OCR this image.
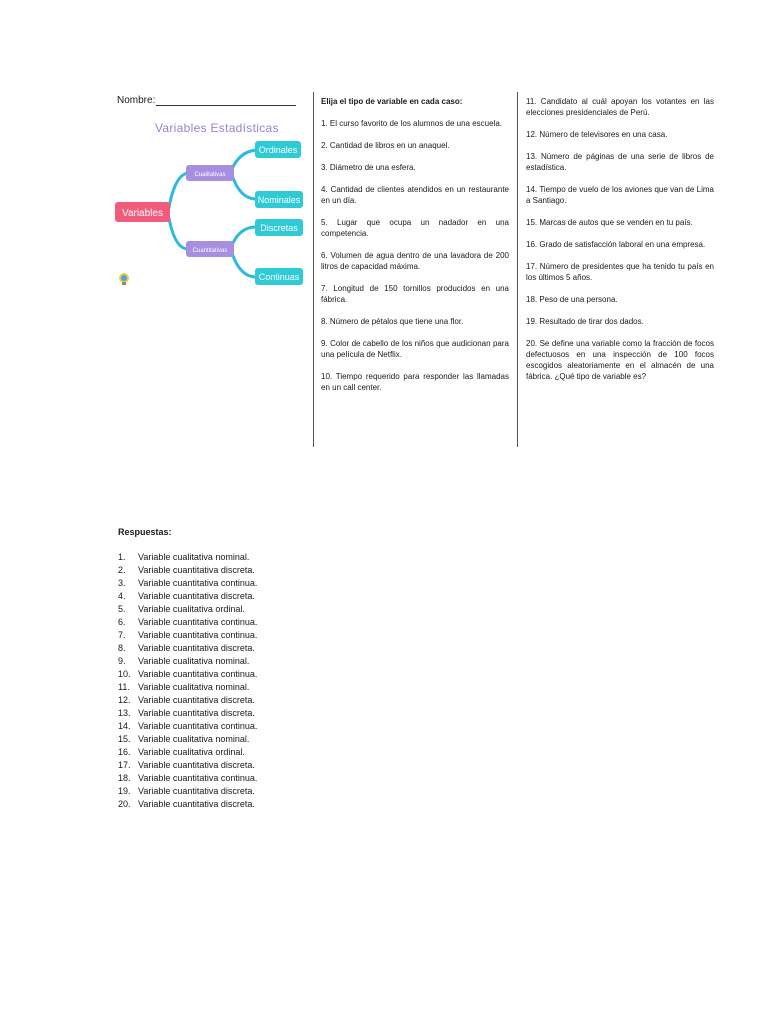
Nombre:
Variables Estadísticas
Variables
Cualitativas
Cuantitativas
Ordinales
Nominales
Discretas
Continuas
Elija el tipo de variable en cada caso:

1. El curso favorito de los alumnos de una escuela.

2. Cantidad de libros en un anaquel.

3. Diámetro de una esfera.

4. Cantidad de clientes atendidos en un restaurante en un día.

5. Lugar que ocupa un nadador en una competencia.

6. Volumen de agua dentro de una lavadora de 200 litros de capacidad máxima.

7. Longitud de 150 tornillos producidos en una fábrica.

8. Número de pétalos que tiene una flor.

9. Color de cabello de los niños que audicionan para una película de Netflix.

10. Tiempo requerido para responder las llamadas en un call center.

11. Candidato al cuál apoyan los votantes en las elecciones presidenciales de Perú.

12. Número de televisores en una casa.

13. Número de páginas de una serie de libros de estadística.

14. Tiempo de vuelo de los aviones que van de Lima a Santiago.

15. Marcas de autos que se venden en tu país.

16. Grado de satisfacción laboral en una empresa.

17. Número de presidentes que ha tenido tu país en los últimos 5 años.

18. Peso de una persona.

19. Resultado de tirar dos dados.

20. Se define una variable como la fracción de focos defectuosos en una inspección de 100 focos escogidos aleatoriamente en el almacén de una fábrica. ¿Qué tipo de variable es?

Respuestas:
1.	Variable cualitativa nominal.
2.	Variable cuantitativa discreta.
3.	Variable cuantitativa continua.
4.	Variable cuantitativa discreta.
5.	Variable cualitativa ordinal.
6.	Variable cuantitativa continua.
7.	Variable cuantitativa continua.
8.	Variable cuantitativa discreta.
9.	Variable cualitativa nominal.
10. Variable cuantitativa continua.
11. Variable cualitativa nominal.
12. Variable cuantitativa discreta.
13. Variable cuantitativa discreta.
14. Variable cuantitativa continua.
15. Variable cualitativa nominal.
16. Variable cualitativa ordinal.
17. Variable cuantitativa discreta.
18. Variable cuantitativa continua.
19. Variable cuantitativa discreta.
20. Variable cuantitativa discreta.
